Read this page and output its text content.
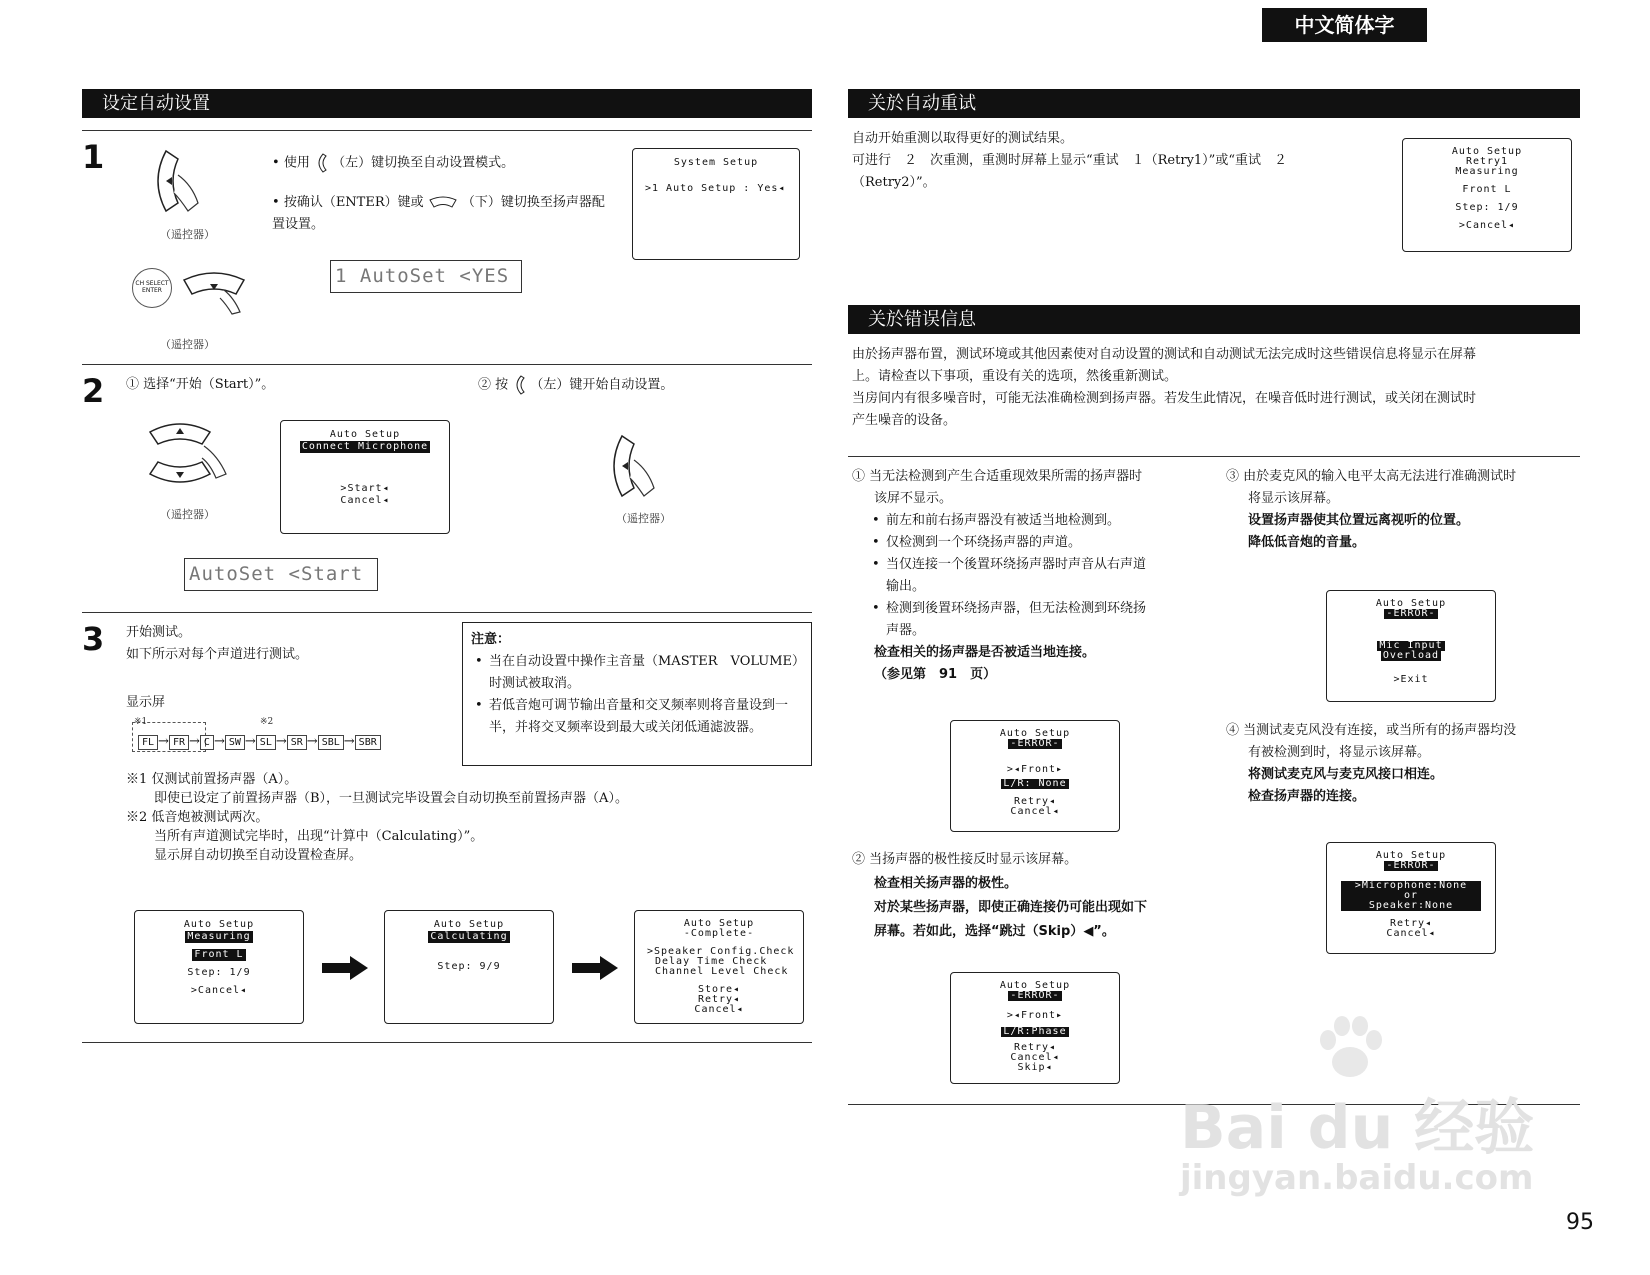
中文简体字
设定自动设置
1
（遥控器）
CH SELECT
ENTER
（遥控器）
• 使用 （左）键切换至自动设置模式。
• 按确认（ENTER）键或	（下）键切换至扬声器配置设置。
1 AutoSet <YES
System Setup
>1 Auto Setup : Yes◂
2 ① 选择“开始（Start）”。	② 按 （左）键开始自动设置。
（遥控器）
Auto Setup
Connect Microphone
>Start◂
Cancel◂
（遥控器）
AutoSet <Start
3 开始测试。
如下所示对每个声道进行测试。
显示屏
※1	※2
FL → FR → C → SW → SL → SR → SBL → SBR
注意：
• 当在自动设置中操作主音量（MASTER　VOLUME）时测试被取消。
• 若低音炮可调节输出音量和交叉频率则将音量设到一半，并将交叉频率设到最大或关闭低通滤波器。
※1 仅测试前置扬声器（A）。
即使已设定了前置扬声器（B），一旦测试完毕设置会自动切换至前置扬声器（A）。
※2 低音炮被测试两次。
当所有声道测试完毕时，出现“计算中（Calculating）”。
显示屏自动切换至自动设置检查屏。
Auto Setup
Measuring
Front L
Step: 1/9
>Cancel◂
Auto Setup
Calculating
Step: 9/9
Auto Setup
-Complete-
>Speaker Config.Check
Delay Time Check
Channel Level Check
Store◂
Retry◂
Cancel◂
关於自动重试
自动开始重测以取得更好的测试结果。
可进行　２　次重测，重测时屏幕上显示“重试　１（Retry1）”或“重试　２
（Retry2）”。
Auto Setup
Retry1
Measuring
Front L
Step: 1/9
>Cancel◂
关於错误信息
由於扬声器布置，测试环境或其他因素使对自动设置的测试和自动测试无法完成时这些错误信息将显示在屏幕
上。请检查以下事项，重设有关的选项，然後重新测试。
当房间内有很多噪音时，可能无法准确检测到扬声器。若发生此情况，在噪音低时进行测试，或关闭在测试时
产生噪音的设备。
① 当无法检测到产生合适重现效果所需的扬声器时
该屏不显示。
• 前左和前右扬声器没有被适当地检测到。
• 仅检测到一个环绕扬声器的声道。
• 当仅连接一个後置环绕扬声器时声音从右声道
输出。
• 检测到後置环绕扬声器，但无法检测到环绕扬
声器。
检查相关的扬声器是否被适当地连接。
（参见第　91　页）
Auto Setup
-ERROR-
>◂Front▸
L/R: None
Retry◂
Cancel◂
② 当扬声器的极性接反时显示该屏幕。
检查相关扬声器的极性。
对於某些扬声器，即使正确连接仍可能出现如下
屏幕。若如此，选择“跳过（Skip）◀”。
Auto Setup
-ERROR-
>◂Front▸
L/R:Phase
Retry◂
Cancel◂
Skip◂
③ 由於麦克风的输入电平太高无法进行准确测试时
将显示该屏幕。
设置扬声器使其位置远离视听的位置。
降低低音炮的音量。
Auto Setup
-ERROR-
Mic Input
Overload
>Exit
④ 当测试麦克风没有连接，或当所有的扬声器均没
有被检测到时，将显示该屏幕。
将测试麦克风与麦克风接口相连。
检查扬声器的连接。
Auto Setup
-ERROR-
>Microphone:None
or
Speaker:None
Retry◂
Cancel◂
Bai du 经验
jingyan.baidu.com
95
